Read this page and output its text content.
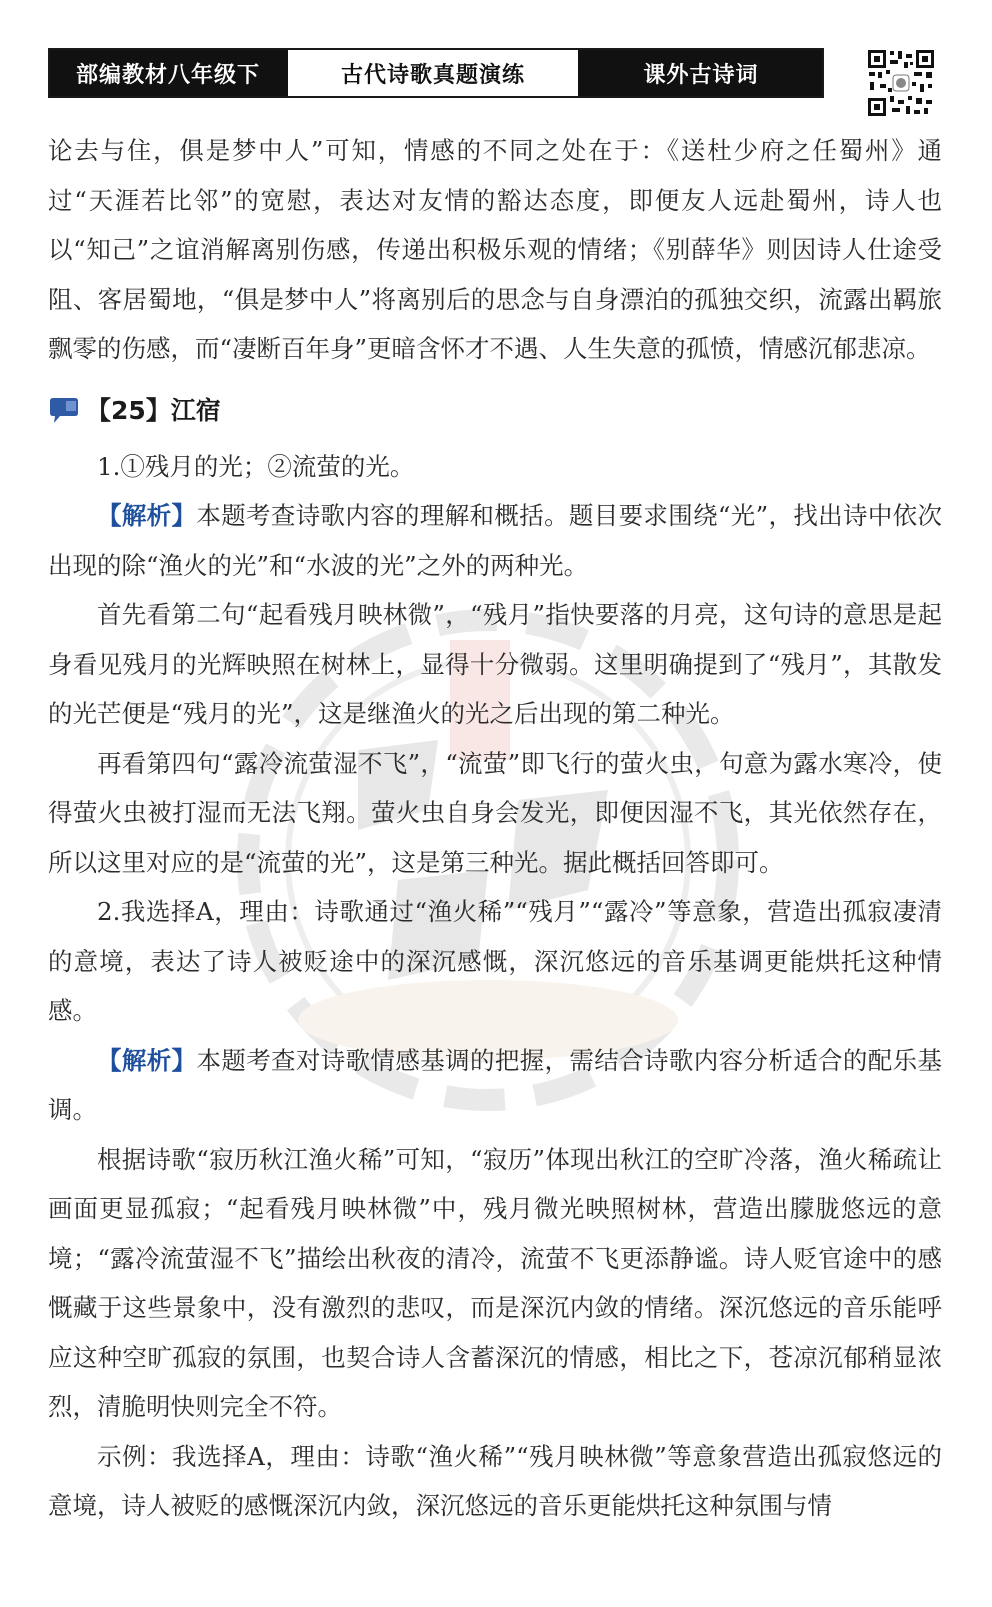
部编教材八年级下	古代诗歌真题演练	课外古诗词

论去与住，俱是梦中人”可知，情感的不同之处在于：《送杜少府之任蜀州》通过“天涯若比邻”的宽慰，表达对友情的豁达态度，即便友人远赴蜀州，诗人也以“知己”之谊消解离别伤感，传递出积极乐观的情绪；《别薛华》则因诗人仕途受阻、客居蜀地，“俱是梦中人”将离别后的思念与自身漂泊的孤独交织，流露出羁旅飘零的伤感，而“凄断百年身”更暗含怀才不遇、人生失意的孤愤，情感沉郁悲凉。

【25】江宿

1.①残月的光；②流萤的光。

【解析】本题考查诗歌内容的理解和概括。题目要求围绕“光”，找出诗中依次出现的除“渔火的光”和“水波的光”之外的两种光。

首先看第二句“起看残月映林微”，“残月”指快要落的月亮，这句诗的意思是起身看见残月的光辉映照在树林上，显得十分微弱。这里明确提到了“残月”，其散发的光芒便是“残月的光”，这是继渔火的光之后出现的第二种光。

再看第四句“露冷流萤湿不飞”，“流萤”即飞行的萤火虫，句意为露水寒冷，使得萤火虫被打湿而无法飞翔。萤火虫自身会发光，即便因湿不飞，其光依然存在，所以这里对应的是“流萤的光”，这是第三种光。据此概括回答即可。

2.我选择A，理由：诗歌通过“渔火稀”“残月”“露冷”等意象，营造出孤寂凄清的意境，表达了诗人被贬途中的深沉感慨，深沉悠远的音乐基调更能烘托这种情感。

【解析】本题考查对诗歌情感基调的把握，需结合诗歌内容分析适合的配乐基调。

根据诗歌“寂历秋江渔火稀”可知，“寂历”体现出秋江的空旷冷落，渔火稀疏让画面更显孤寂；“起看残月映林微”中，残月微光映照树林，营造出朦胧悠远的意境；“露冷流萤湿不飞”描绘出秋夜的清冷，流萤不飞更添静谧。诗人贬官途中的感慨藏于这些景象中，没有激烈的悲叹，而是深沉内敛的情绪。深沉悠远的音乐能呼应这种空旷孤寂的氛围，也契合诗人含蓄深沉的情感，相比之下，苍凉沉郁稍显浓烈，清脆明快则完全不符。

示例：我选择A，理由：诗歌“渔火稀”“残月映林微”等意象营造出孤寂悠远的意境，诗人被贬的感慨深沉内敛，深沉悠远的音乐更能烘托这种氛围与情
